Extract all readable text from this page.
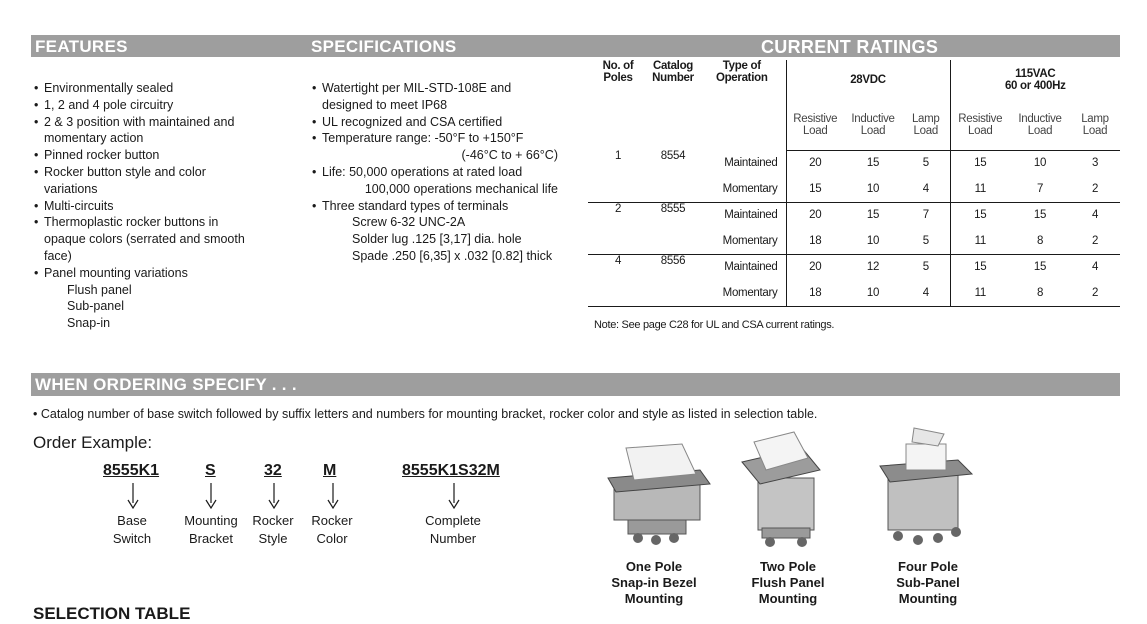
FEATURES	SPECIFICATIONS	CURRENT RATINGS
• Environmentally sealed
• 1, 2 and 4 pole circuitry
• 2 & 3 position with maintained and
momentary action
• Pinned rocker button
• Rocker button style and color
variations
• Multi-circuits
• Thermoplastic rocker buttons in
opaque colors (serrated and smooth
face)
• Panel mounting variations
Flush panel
Sub-panel
Snap-in
• Watertight per MIL-STD-108E and
designed to meet IP68
• UL recognized and CSA certified
• Temperature range: -50°F to +150°F
(-46°C to + 66°C)
• Life: 50,000 operations at rated load
100,000 operations mechanical life
• Three standard types of terminals
Screw 6-32 UNC-2A
Solder lug .125 [3,17] dia. hole
Spade .250 [6,35] x .032 [0.82] thick
No. of Poles	Catalog Number	Type of Operation	28VDC			115VAC
60 or 400Hz		
			Resistive
Load	Inductive
Load	Lamp
Load	Resistive
Load	Inductive
Load	Lamp
Load
1	8554	Maintained	20	15	5	15	10	3
		Momentary	15	10	4	11	7	2
2	8555	Maintained	20	15	7	15	15	4
		Momentary	18	10	5	11	8	2
4	8556	Maintained	20	12	5	15	15	4
		Momentary	18	10	4	11	8	2
Note: See page C28 for UL and CSA current ratings.
WHEN ORDERING SPECIFY . . .
• Catalog number of base switch followed by suffix letters and numbers for mounting bracket, rocker color and style as listed in selection table.
Order Example:
8555K1	S	32	M	8555K1S32M
Base
Switch
Mounting
Bracket
Rocker
Style
Rocker
Color
Complete
Number
One Pole
Snap-in Bezel
Mounting
Two Pole
Flush Panel
Mounting
Four Pole
Sub-Panel
Mounting
SELECTION TABLE
